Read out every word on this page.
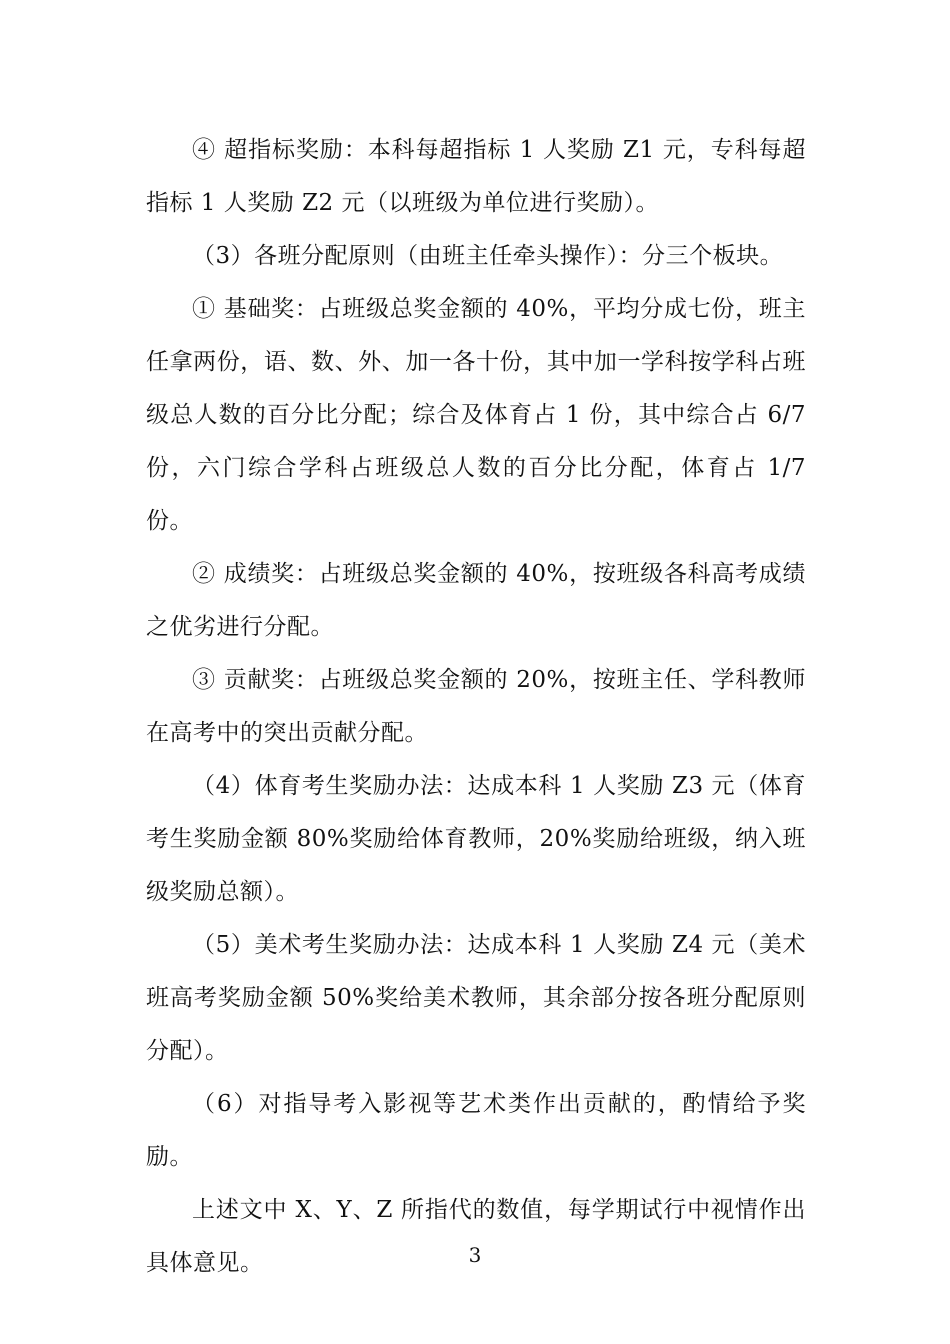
④ 超指标奖励：本科每超指标 1 人奖励 Z1 元，专科每超指标 1 人奖励 Z2 元（以班级为单位进行奖励）。

（3）各班分配原则（由班主任牵头操作）：分三个板块。

① 基础奖：占班级总奖金额的 40%，平均分成七份，班主任拿两份，语、数、外、加一各十份，其中加一学科按学科占班级总人数的百分比分配；综合及体育占 1 份，其中综合占 6/7 份，六门综合学科占班级总人数的百分比分配，体育占 1/7 份。

② 成绩奖：占班级总奖金额的 40%，按班级各科高考成绩之优劣进行分配。

③ 贡献奖：占班级总奖金额的 20%，按班主任、学科教师在高考中的突出贡献分配。

（4）体育考生奖励办法：达成本科 1 人奖励 Z3 元（体育考生奖励金额 80%奖励给体育教师，20%奖励给班级，纳入班级奖励总额）。

（5）美术考生奖励办法：达成本科 1 人奖励 Z4 元（美术班高考奖励金额 50%奖给美术教师，其余部分按各班分配原则分配）。

（6）对指导考入影视等艺术类作出贡献的，酌情给予奖励。

上述文中 X、Y、Z 所指代的数值，每学期试行中视情作出具体意见。	3
